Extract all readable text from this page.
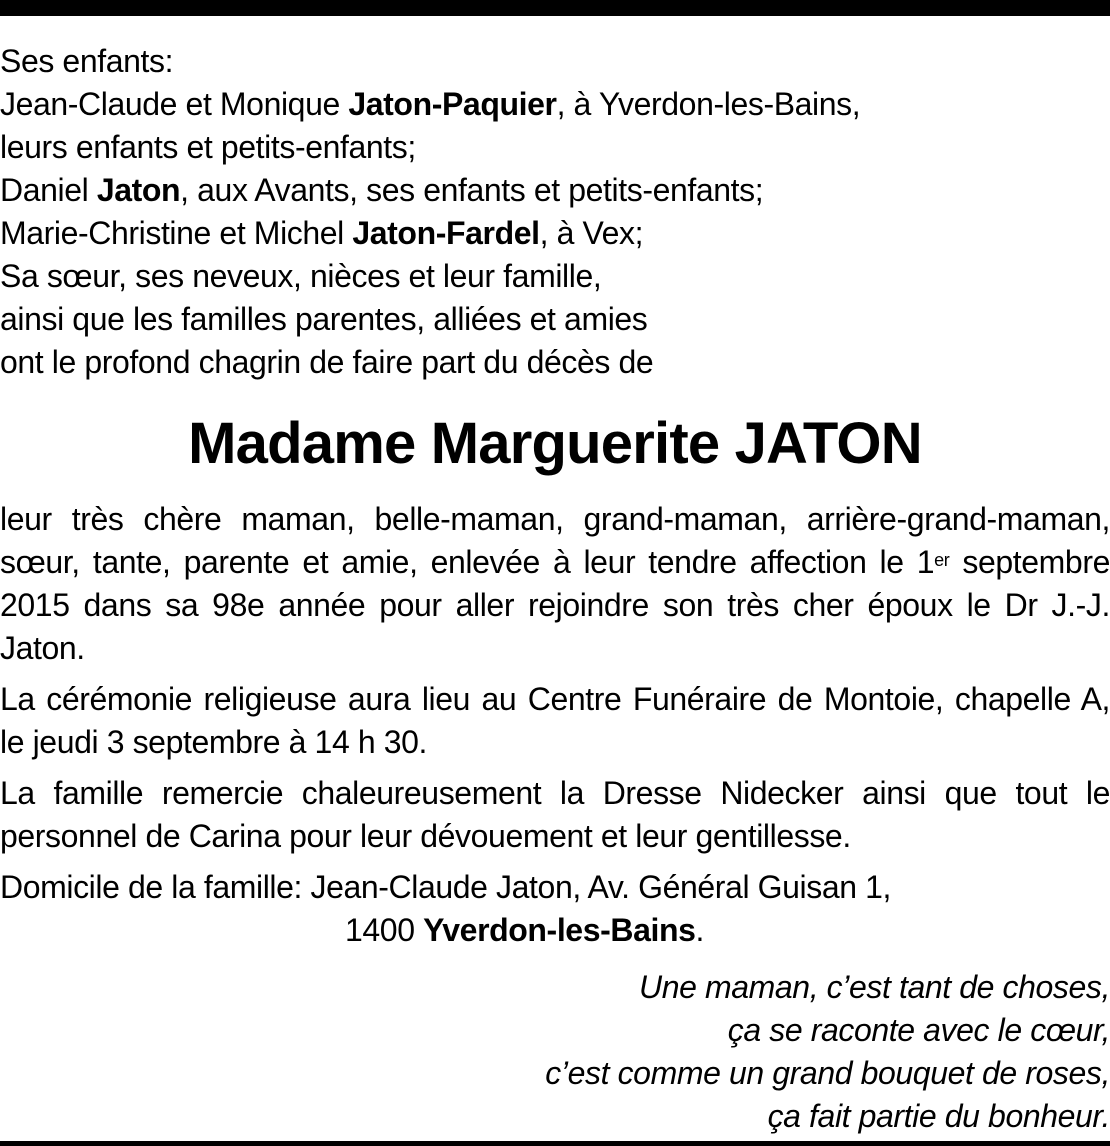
Ses enfants:
Jean-Claude et Monique Jaton-Paquier, à Yverdon-les-Bains,
leurs enfants et petits-enfants;
Daniel Jaton, aux Avants, ses enfants et petits-enfants;
Marie-Christine et Michel Jaton-Fardel, à Vex;
Sa sœur, ses neveux, nièces et leur famille,
ainsi que les familles parentes, alliées et amies
ont le profond chagrin de faire part du décès de
Madame Marguerite JATON

leur très chère maman, belle-maman, grand-maman, arrière-grand-maman, sœur, tante, parente et amie, enlevée à leur tendre affection le 1er septembre 2015 dans sa 98e année pour aller rejoindre son très cher époux le Dr J.-J. Jaton.

La cérémonie religieuse aura lieu au Centre Funéraire de Montoie, chapelle A, le jeudi 3 septembre à 14 h 30.

La famille remercie chaleureusement la Dresse Nidecker ainsi que tout le personnel de Carina pour leur dévouement et leur gentillesse.

Domicile de la famille: Jean-Claude Jaton, Av. Général Guisan 1,
1400 Yverdon-les-Bains.
Une maman, c’est tant de choses,
ça se raconte avec le cœur,
c’est comme un grand bouquet de roses,
ça fait partie du bonheur.
